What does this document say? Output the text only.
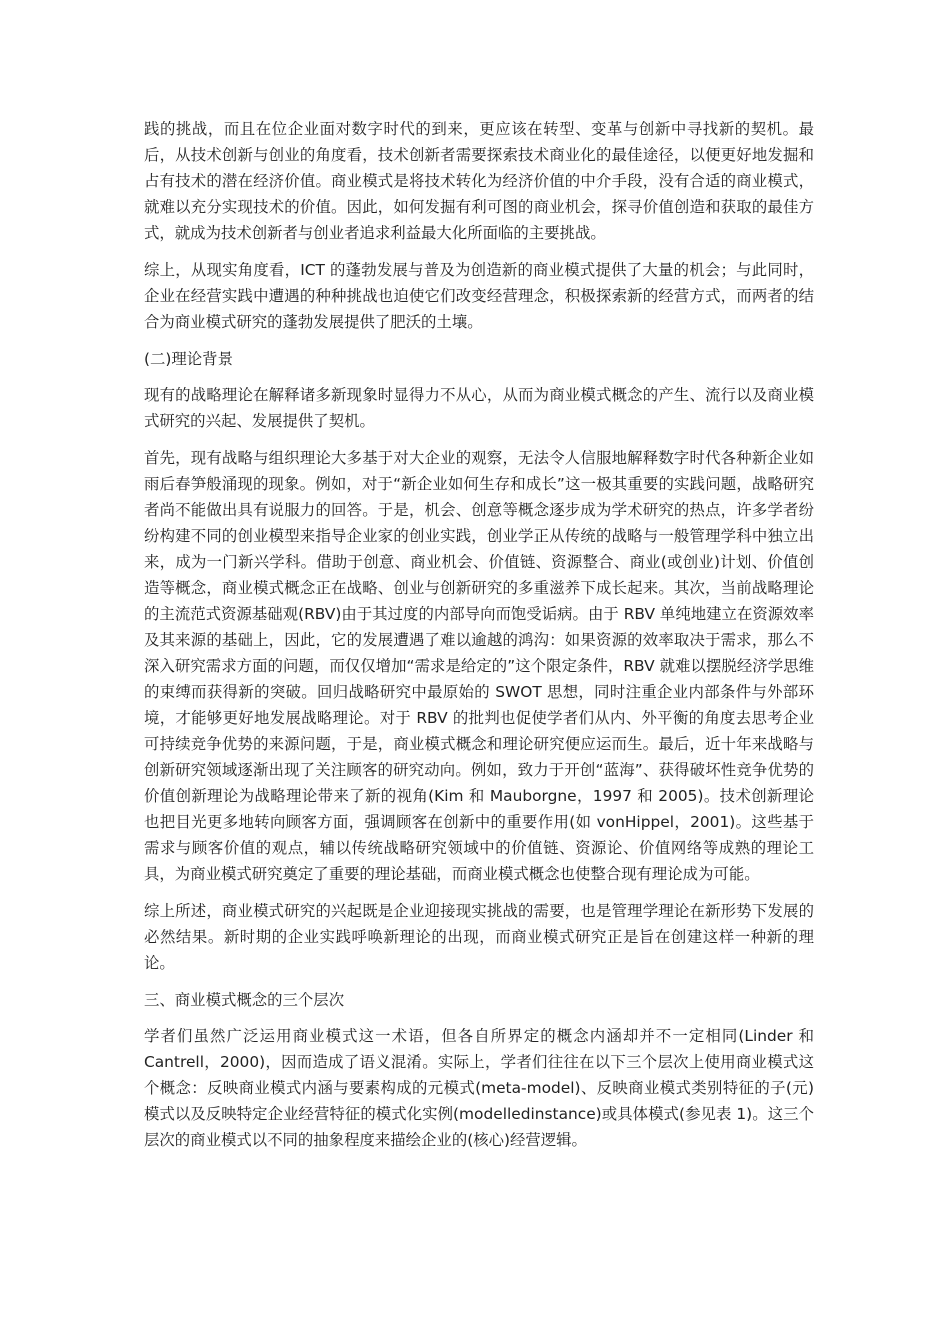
践的挑战，而且在位企业面对数字时代的到来，更应该在转型、变革与创新中寻找新的契机。最后，从技术创新与创业的角度看，技术创新者需要探索技术商业化的最佳途径，以便更好地发掘和占有技术的潜在经济价值。商业模式是将技术转化为经济价值的中介手段，没有合适的商业模式，就难以充分实现技术的价值。因此，如何发掘有利可图的商业机会，探寻价值创造和获取的最佳方式，就成为技术创新者与创业者追求利益最大化所面临的主要挑战。

综上，从现实角度看，ICT 的蓬勃发展与普及为创造新的商业模式提供了大量的机会；与此同时，企业在经营实践中遭遇的种种挑战也迫使它们改变经营理念，积极探索新的经营方式，而两者的结合为商业模式研究的蓬勃发展提供了肥沃的土壤。

(二)理论背景

现有的战略理论在解释诸多新现象时显得力不从心，从而为商业模式概念的产生、流行以及商业模式研究的兴起、发展提供了契机。

首先，现有战略与组织理论大多基于对大企业的观察，无法令人信服地解释数字时代各种新企业如雨后春笋般涌现的现象。例如，对于“新企业如何生存和成长”这一极其重要的实践问题，战略研究者尚不能做出具有说服力的回答。于是，机会、创意等概念逐步成为学术研究的热点，许多学者纷纷构建不同的创业模型来指导企业家的创业实践，创业学正从传统的战略与一般管理学科中独立出来，成为一门新兴学科。借助于创意、商业机会、价值链、资源整合、商业(或创业)计划、价值创造等概念，商业模式概念正在战略、创业与创新研究的多重滋养下成长起来。其次，当前战略理论的主流范式资源基础观(RBV)由于其过度的内部导向而饱受诟病。由于 RBV 单纯地建立在资源效率及其来源的基础上，因此，它的发展遭遇了难以逾越的鸿沟：如果资源的效率取决于需求，那么不深入研究需求方面的问题，而仅仅增加“需求是给定的”这个限定条件，RBV 就难以摆脱经济学思维的束缚而获得新的突破。回归战略研究中最原始的 SWOT 思想，同时注重企业内部条件与外部环境，才能够更好地发展战略理论。对于 RBV 的批判也促使学者们从内、外平衡的角度去思考企业可持续竞争优势的来源问题，于是，商业模式概念和理论研究便应运而生。最后，近十年来战略与创新研究领域逐渐出现了关注顾客的研究动向。例如，致力于开创“蓝海”、获得破坏性竞争优势的价值创新理论为战略理论带来了新的视角(Kim 和 Mauborgne，1997 和 2005)。技术创新理论也把目光更多地转向顾客方面，强调顾客在创新中的重要作用(如 vonHippel，2001)。这些基于需求与顾客价值的观点，辅以传统战略研究领域中的价值链、资源论、价值网络等成熟的理论工具，为商业模式研究奠定了重要的理论基础，而商业模式概念也使整合现有理论成为可能。

综上所述，商业模式研究的兴起既是企业迎接现实挑战的需要，也是管理学理论在新形势下发展的必然结果。新时期的企业实践呼唤新理论的出现，而商业模式研究正是旨在创建这样一种新的理论。

三、商业模式概念的三个层次

学者们虽然广泛运用商业模式这一术语，但各自所界定的概念内涵却并不一定相同(Linder 和 Cantrell，2000)，因而造成了语义混淆。实际上，学者们往往在以下三个层次上使用商业模式这个概念：反映商业模式内涵与要素构成的元模式(meta-model)、反映商业模式类别特征的子(元)模式以及反映特定企业经营特征的模式化实例(modelledinstance)或具体模式(参见表 1)。这三个层次的商业模式以不同的抽象程度来描绘企业的(核心)经营逻辑。
